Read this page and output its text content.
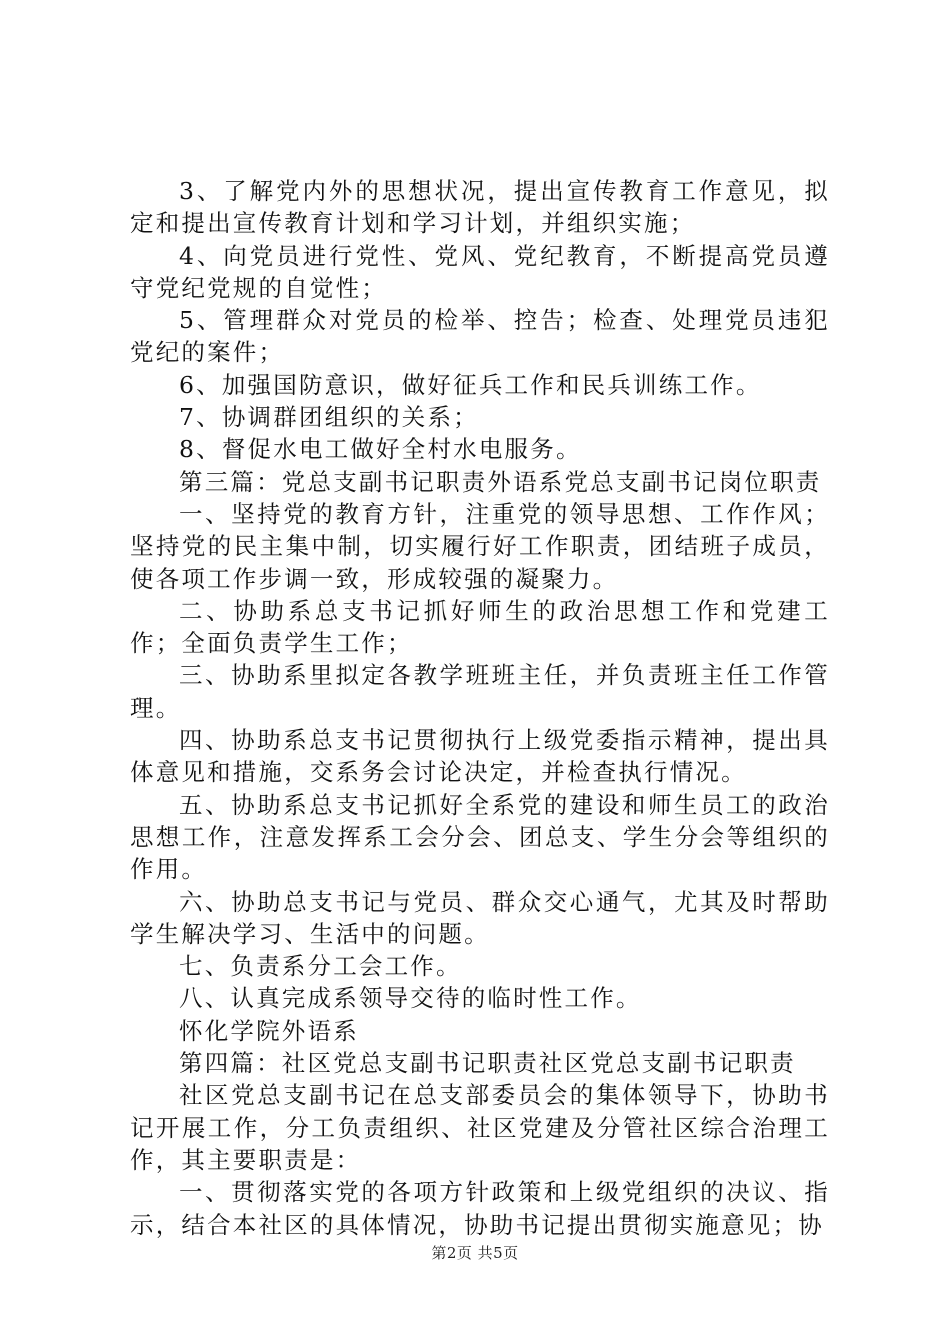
3、了解党内外的思想状况，提出宣传教育工作意见，拟定和提出宣传教育计划和学习计划，并组织实施；

4、向党员进行党性、党风、党纪教育，不断提高党员遵守党纪党规的自觉性；

5、管理群众对党员的检举、控告；检查、处理党员违犯党纪的案件；

6、加强国防意识，做好征兵工作和民兵训练工作。

7、协调群团组织的关系；

8、督促水电工做好全村水电服务。

第三篇：党总支副书记职责外语系党总支副书记岗位职责

一、坚持党的教育方针，注重党的领导思想、工作作风；坚持党的民主集中制，切实履行好工作职责，团结班子成员，使各项工作步调一致，形成较强的凝聚力。

二、协助系总支书记抓好师生的政治思想工作和党建工作；全面负责学生工作；

三、协助系里拟定各教学班班主任，并负责班主任工作管理。

四、协助系总支书记贯彻执行上级党委指示精神，提出具体意见和措施，交系务会讨论决定，并检查执行情况。

五、协助系总支书记抓好全系党的建设和师生员工的政治思想工作，注意发挥系工会分会、团总支、学生分会等组织的作用。

六、协助总支书记与党员、群众交心通气，尤其及时帮助学生解决学习、生活中的问题。

七、负责系分工会工作。

八、认真完成系领导交待的临时性工作。

怀化学院外语系

第四篇：社区党总支副书记职责社区党总支副书记职责

社区党总支副书记在总支部委员会的集体领导下，协助书记开展工作，分工负责组织、社区党建及分管社区综合治理工作，其主要职责是：

一、贯彻落实党的各项方针政策和上级党组织的决议、指示，结合本社区的具体情况，协助书记提出贯彻实施意见；协

第2页 共5页
